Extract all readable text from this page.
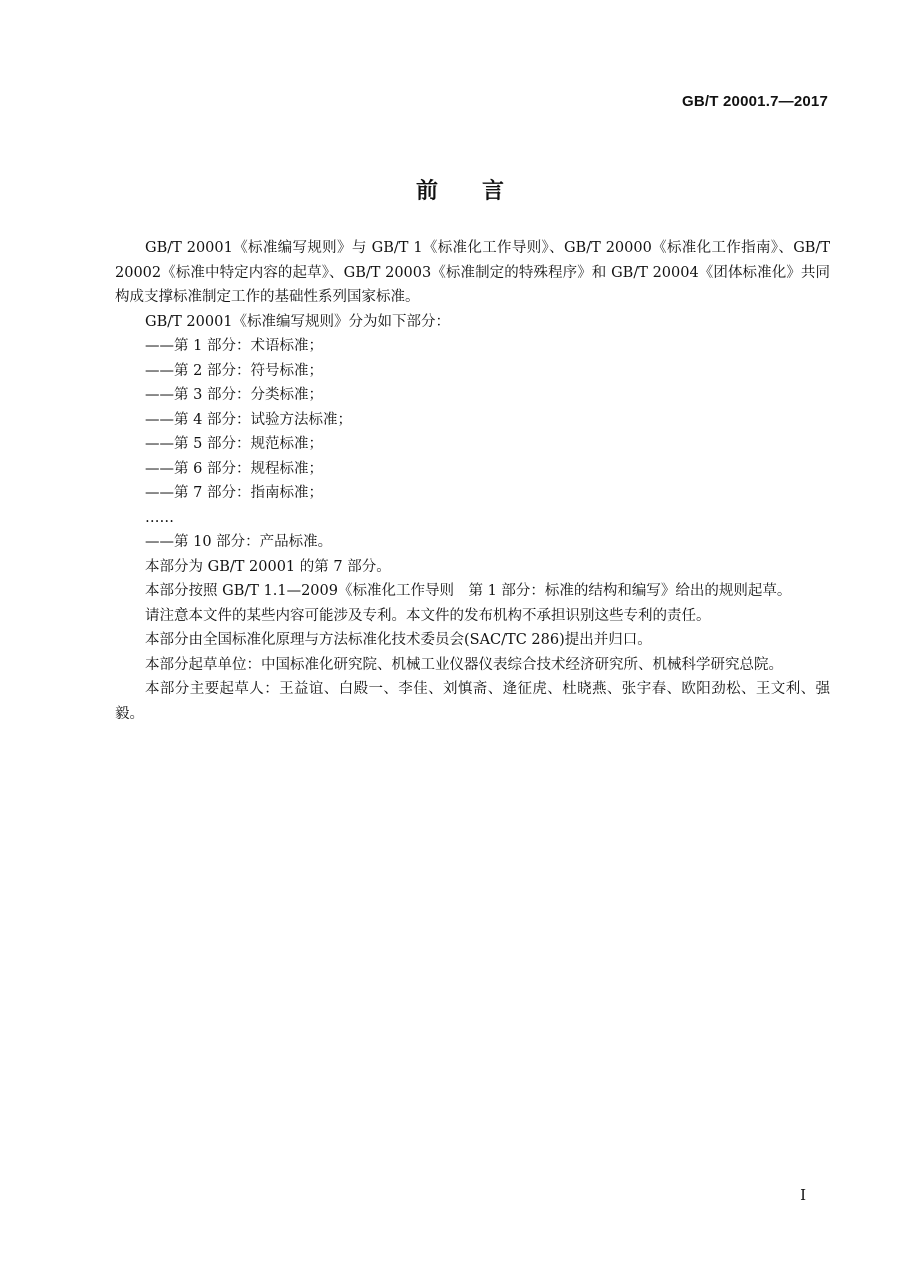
GB/T 20001.7—2017
前 言

GB/T 20001《标准编写规则》与 GB/T 1《标准化工作导则》、GB/T 20000《标准化工作指南》、GB/T 20002《标准中特定内容的起草》、GB/T 20003《标准制定的特殊程序》和 GB/T 20004《团体标准化》共同构成支撑标准制定工作的基础性系列国家标准。

GB/T 20001《标准编写规则》分为如下部分：

——第 1 部分：术语标准；

——第 2 部分：符号标准；

——第 3 部分：分类标准；

——第 4 部分：试验方法标准；

——第 5 部分：规范标准；

——第 6 部分：规程标准；

——第 7 部分：指南标准；

……

——第 10 部分：产品标准。

本部分为 GB/T 20001 的第 7 部分。

本部分按照 GB/T 1.1—2009《标准化工作导则　第 1 部分：标准的结构和编写》给出的规则起草。

请注意本文件的某些内容可能涉及专利。本文件的发布机构不承担识别这些专利的责任。

本部分由全国标准化原理与方法标准化技术委员会(SAC/TC 286)提出并归口。

本部分起草单位：中国标准化研究院、机械工业仪器仪表综合技术经济研究所、机械科学研究总院。

本部分主要起草人：王益谊、白殿一、李佳、刘慎斋、逄征虎、杜晓燕、张宇春、欧阳劲松、王文利、强毅。

I
